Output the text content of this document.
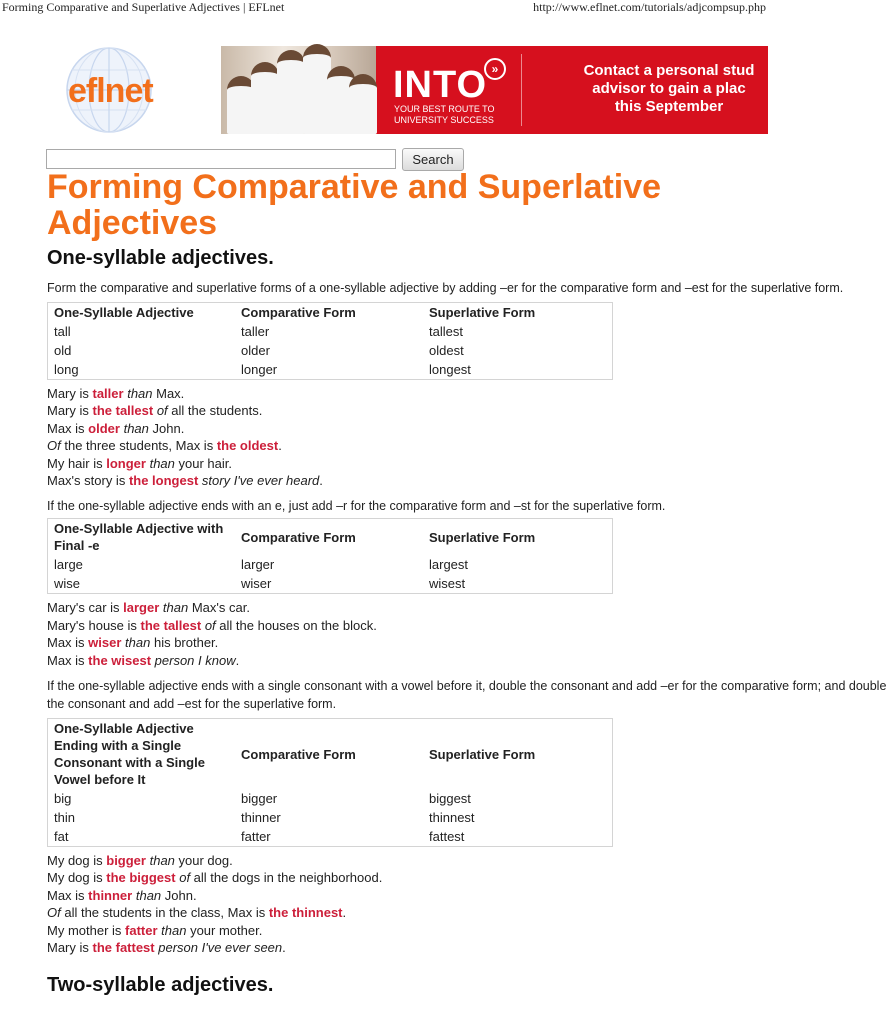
Forming Comparative and Superlative Adjectives | EFLnet	http://www.eflnet.com/tutorials/adjcompsup.php
eflnet	INTO »
YOUR BEST ROUTE TO UNIVERSITY SUCCESS
Contact a personal stud
advisor to gain a plac
this September
Search
Forming Comparative and Superlative Adjectives
One-syllable adjectives.

Form the comparative and superlative forms of a one-syllable adjective by adding –er for the comparative form and –est for the superlative form.

One-Syllable Adjective	Comparative Form	Superlative Form
tall	taller	tallest
old	older	oldest
long	longer	longest
Mary is taller than Max.
Mary is the tallest of all the students.
Max is older than John.
Of the three students, Max is the oldest.
My hair is longer than your hair.
Max's story is the longest story I've ever heard.

If the one-syllable adjective ends with an e, just add –r for the comparative form and –st for the superlative form.

One-Syllable Adjective with Final -e	Comparative Form	Superlative Form
large	larger	largest
wise	wiser	wisest
Mary's car is larger than Max's car.
Mary's house is the tallest of all the houses on the block.
Max is wiser than his brother.
Max is the wisest person I know.

If the one-syllable adjective ends with a single consonant with a vowel before it, double the consonant and add –er for the comparative form; and double

the consonant and add –est for the superlative form.

One-Syllable Adjective Ending with a Single Consonant with a Single Vowel before It	Comparative Form	Superlative Form
big	bigger	biggest
thin	thinner	thinnest
fat	fatter	fattest
My dog is bigger than your dog.
My dog is the biggest of all the dogs in the neighborhood.
Max is thinner than John.
Of all the students in the class, Max is the thinnest.
My mother is fatter than your mother.
Mary is the fattest person I've ever seen.
Two-syllable adjectives.
